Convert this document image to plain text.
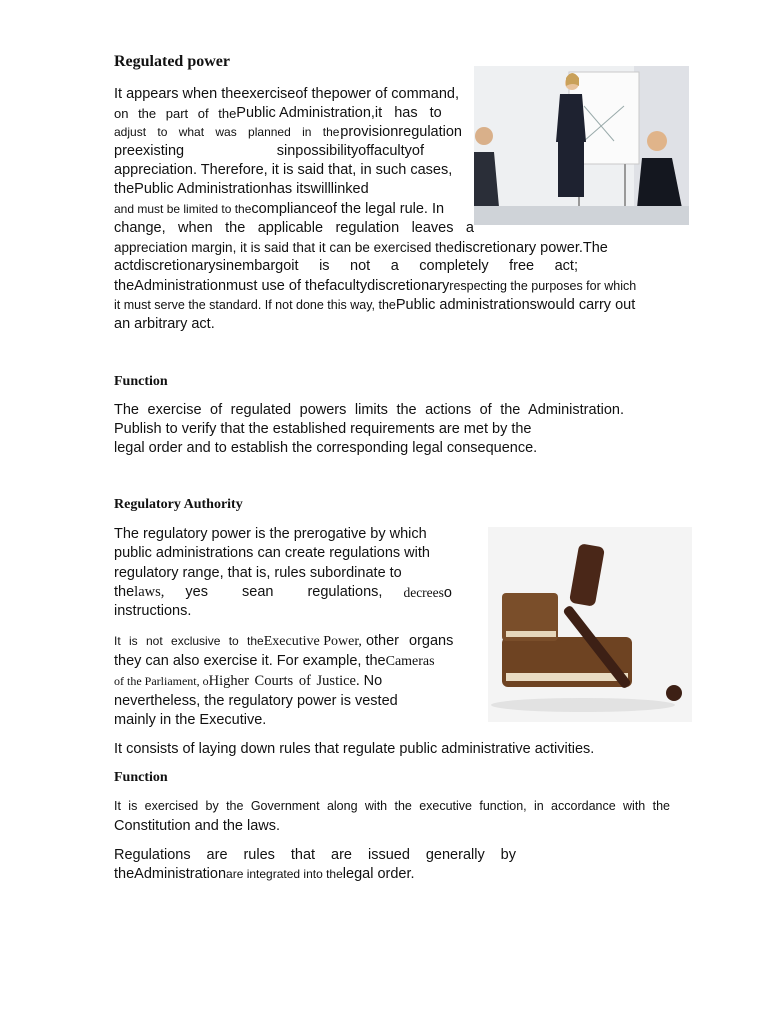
Regulated power

It appears when theexerciseof thepower of command,

on the part of the Public Administration, it has to

adjust to what was planned in the provisionregulation

preexisting	sinpossibilityoffacultyof

appreciation. Therefore, it is said that, in such cases,

thePublic Administrationhas itswilllinked

and must be limited to thecomplianceof the legal rule. In

change, when the applicable regulation leaves a

appreciation margin, it is said that it can be exercised thediscretionary power.The

actdiscretionarysinembargoit is not a completely free act;

theAdministrationmust use of thefacultydiscretionaryrespecting the purposes for which

it must serve the standard. If not done this way, thePublic administrationswould carry out

an arbitrary act.

Function

The exercise of regulated powers limits the actions of the Administration.

Publish to verify that the established requirements are met by the

legal order and to establish the corresponding legal consequence.

Regulatory Authority

The regulatory power is the prerogative by which

public administrations can create regulations with

regulatory range, that is, rules subordinate to

thelaws, yes sean regulations, decreeso

instructions.

It is not exclusive to theExecutive Power, other organs

they can also exercise it. For example, theCameras

of the Parliament, oHigher Courts of Justice. No

nevertheless, the regulatory power is vested

mainly in the Executive.

It consists of laying down rules that regulate public administrative activities.

Function

It is exercised by the Government along with the executive function, in accordance with the

Constitution and the laws.

Regulations are rules that are issued generally by

theAdministrationare integrated into thelegal order.
